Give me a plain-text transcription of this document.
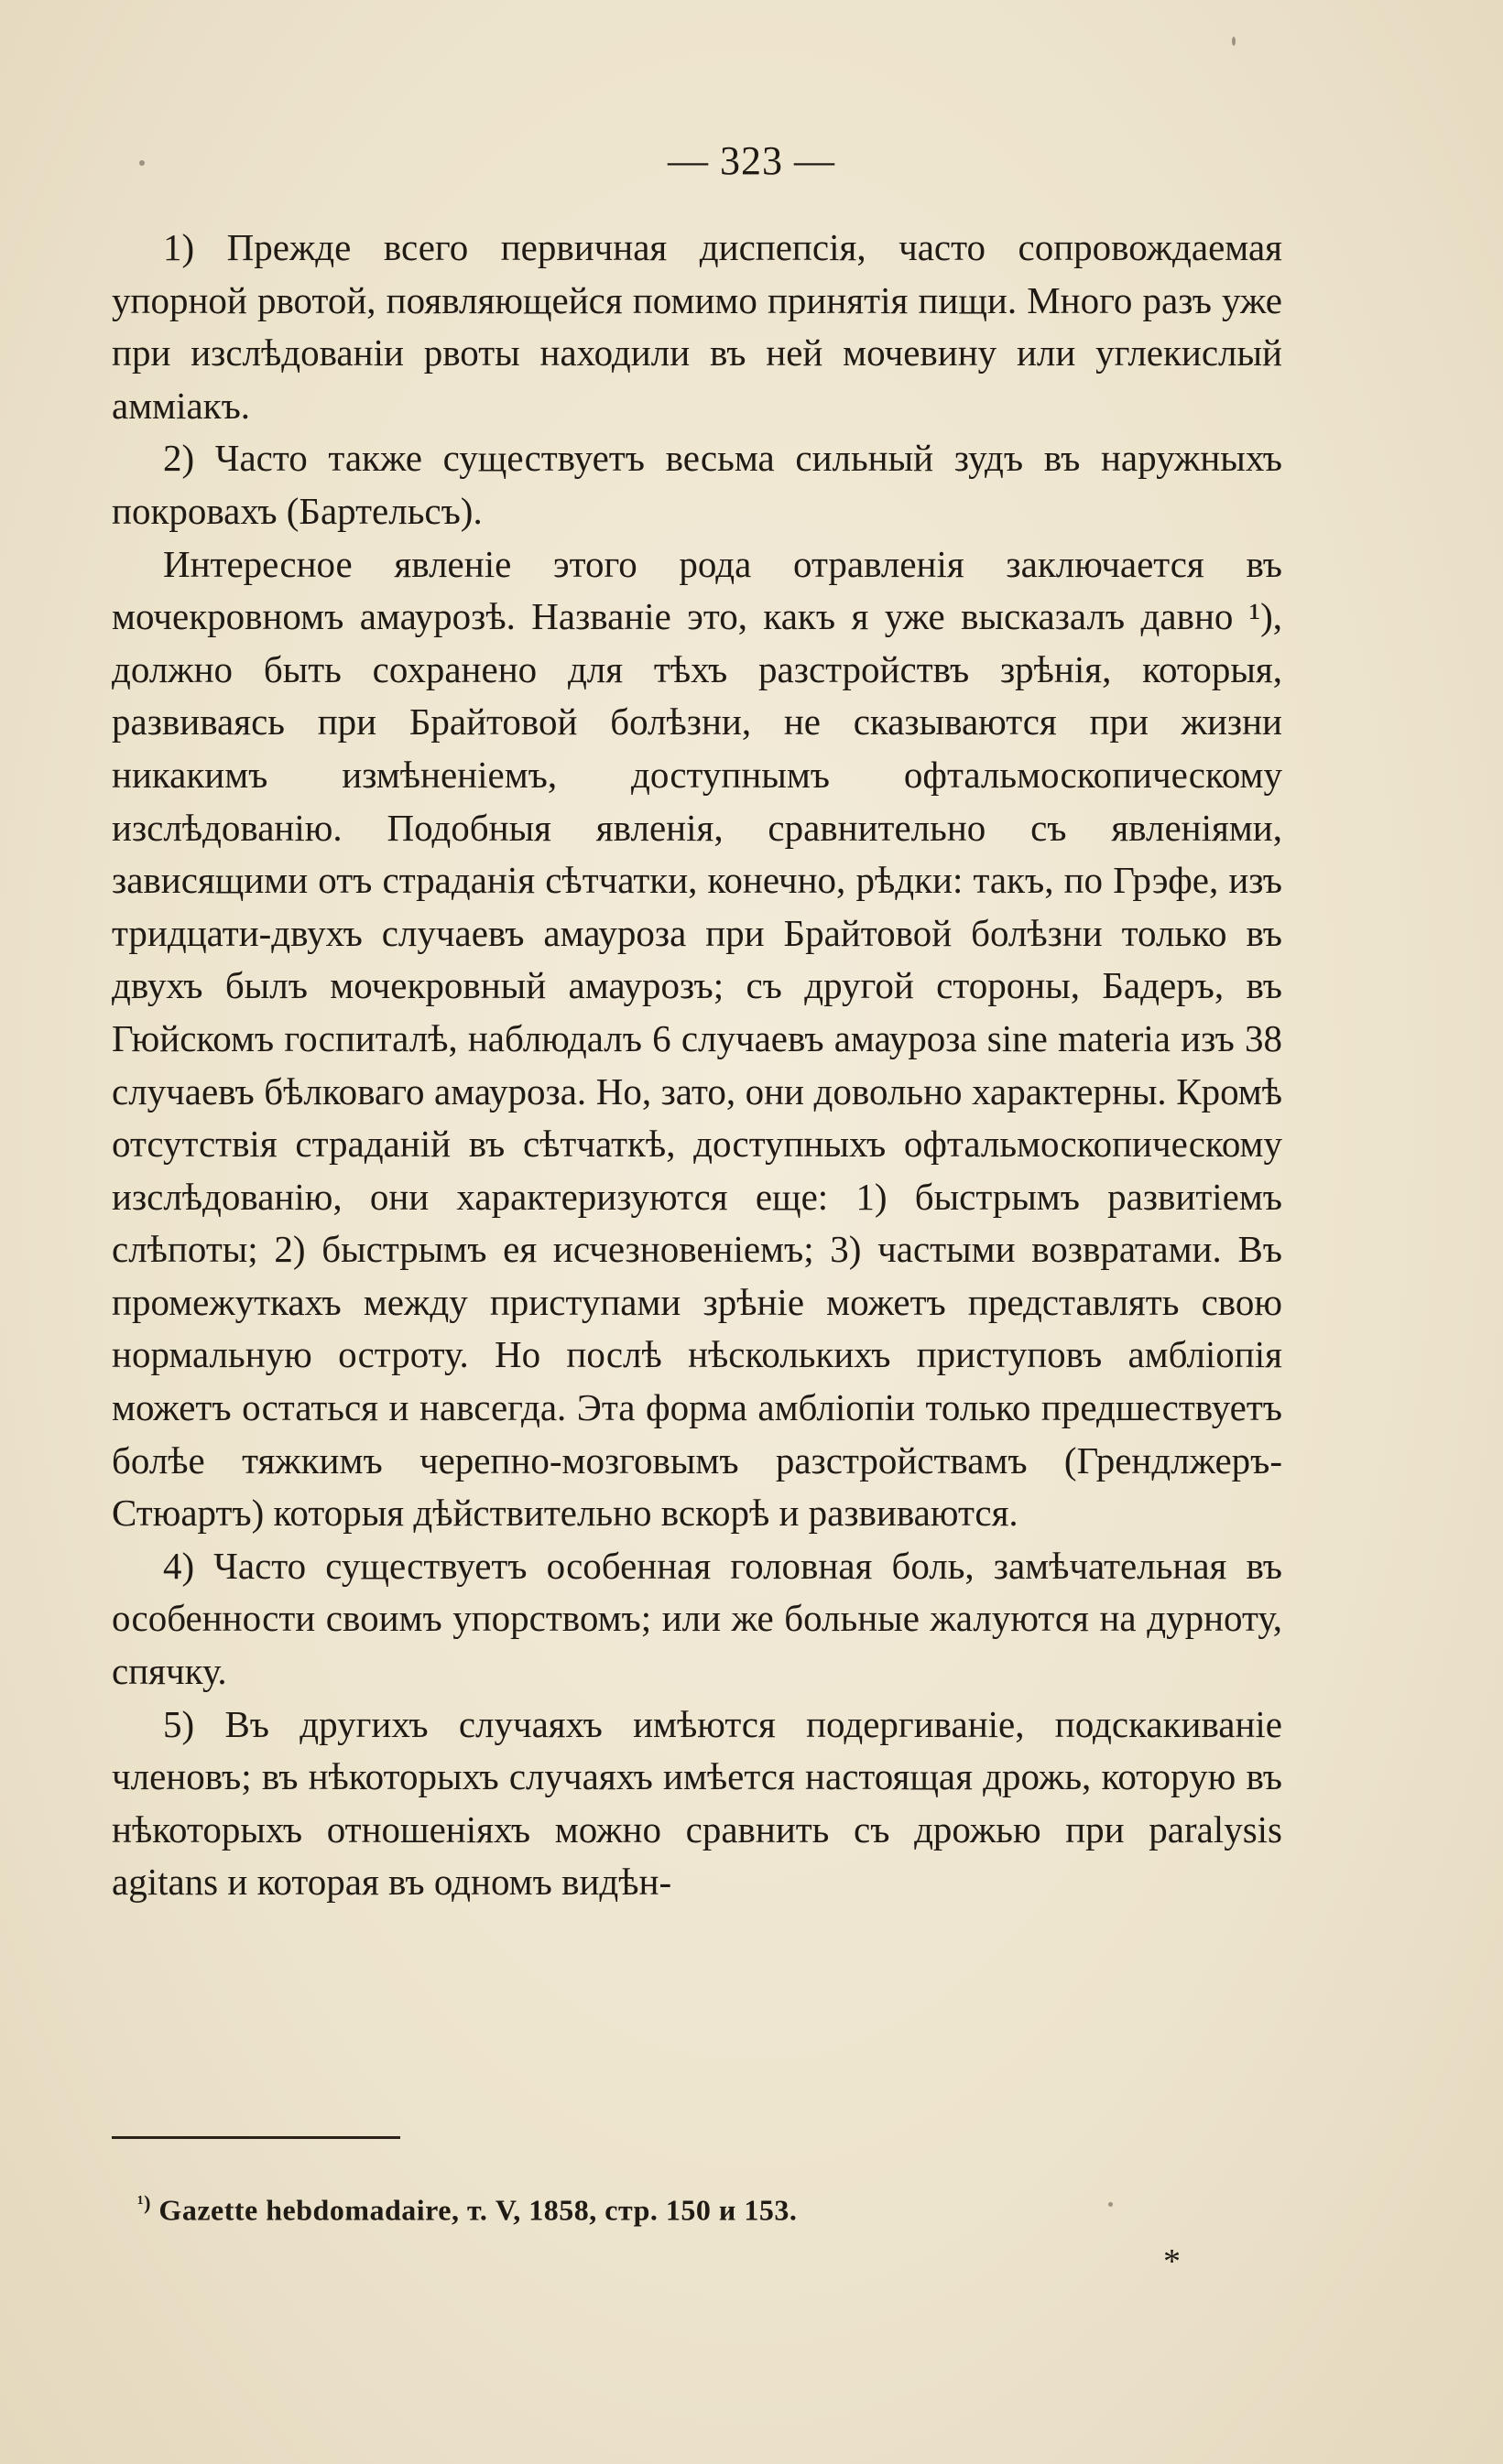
— 323 —

1) Прежде всего первичная диспепсія, часто сопровождаемая упорной рвотой, появляющейся помимо принятія пищи. Много разъ уже при изслѣдованіи рвоты находили въ ней мочевину или углекислый амміакъ.

2) Часто также существуетъ весьма сильный зудъ въ наружныхъ покровахъ (Бартельсъ).

Интересное явленіе этого рода отравленія заключается въ мочекровномъ амаурозѣ. Названіе это, какъ я уже высказалъ давно ¹), должно быть сохранено для тѣхъ разстройствъ зрѣнія, которыя, развиваясь при Брайтовой болѣзни, не сказываются при жизни никакимъ измѣненіемъ, доступнымъ офтальмоскопическому изслѣдованію. Подобныя явленія, сравнительно съ явленіями, зависящими отъ страданія сѣтчатки, конечно, рѣдки: такъ, по Грэфе, изъ тридцати-двухъ случаевъ амауроза при Брайтовой болѣзни только въ двухъ былъ мочекровный амаурозъ; съ другой стороны, Бадеръ, въ Гюйскомъ госпиталѣ, наблюдалъ 6 случаевъ амауроза sine materia изъ 38 случаевъ бѣлковаго амауроза. Но, зато, они довольно характерны. Кромѣ отсутствія страданій въ сѣтчаткѣ, доступныхъ офтальмоскопическому изслѣдованію, они характеризуются еще: 1) быстрымъ развитіемъ слѣпоты; 2) быстрымъ ея исчезновеніемъ; 3) частыми возвратами. Въ промежуткахъ между приступами зрѣніе можетъ представлять свою нормальную остроту. Но послѣ нѣсколькихъ приступовъ амбліопія можетъ остаться и навсегда. Эта форма амбліопіи только предшествуетъ болѣе тяжкимъ черепно-мозговымъ разстройствамъ (Грендлжеръ-Стюартъ) которыя дѣйствительно вскорѣ и развиваются.

4) Часто существуетъ особенная головная боль, замѣчательная въ особенности своимъ упорствомъ; или же больные жалуются на дурноту, спячку.

5) Въ другихъ случаяхъ имѣются подергиваніе, подскакиваніе членовъ; въ нѣкоторыхъ случаяхъ имѣется настоящая дрожь, которую въ нѣкоторыхъ отношеніяхъ можно сравнить съ дрожью при paralysis agitans и которая въ одномъ видѣн-

$^{^1)}$ Gazette hebdomadaire, т. V, 1858, стр. 150 и 153.
*
